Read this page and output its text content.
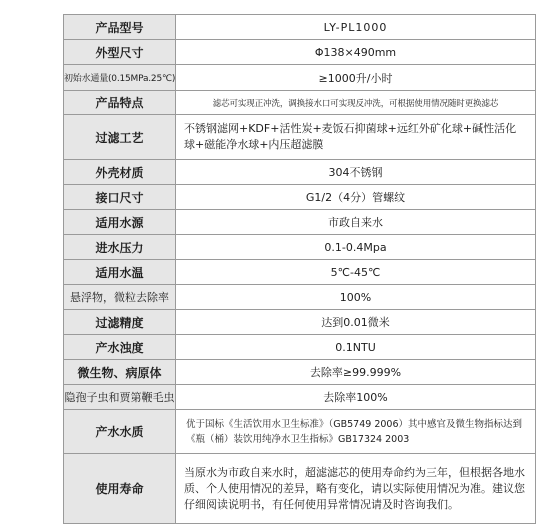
产品型号	LY-PL1000
外型尺寸	Φ138×490mm
初始水通量(0.15MPa.25℃)	≥1000升/小时
产品特点	滤芯可实现正冲洗，调换接水口可实现反冲洗，可根据使用情况随时更换滤芯
过滤工艺	不锈钢滤网+KDF+活性炭+麦饭石抑菌球+远红外矿化球+碱性活化球+磁能净水球+内压超滤膜
外壳材质	304不锈钢
接口尺寸	G1/2（4分）管螺纹
适用水源	市政自来水
进水压力	0.1-0.4Mpa
适用水温	5℃-45℃
悬浮物，微粒去除率	100%
过滤精度	达到0.01微米
产水浊度	0.1NTU
微生物、病原体	去除率≥99.999%
隐孢子虫和贾第鞭毛虫	去除率100%
产水水质	优于国标《生活饮用水卫生标准》（GB5749 2006）其中感官及微生物指标达到《瓶（桶）装饮用纯净水卫生指标》GB17324 2003
使用寿命	当原水为市政自来水时，超滤滤芯的使用寿命约为三年，但根据各地水质、个人使用情况的差异，略有变化，请以实际使用情况为准。建议您仔细阅读说明书，有任何使用异常情况请及时咨询我们。
